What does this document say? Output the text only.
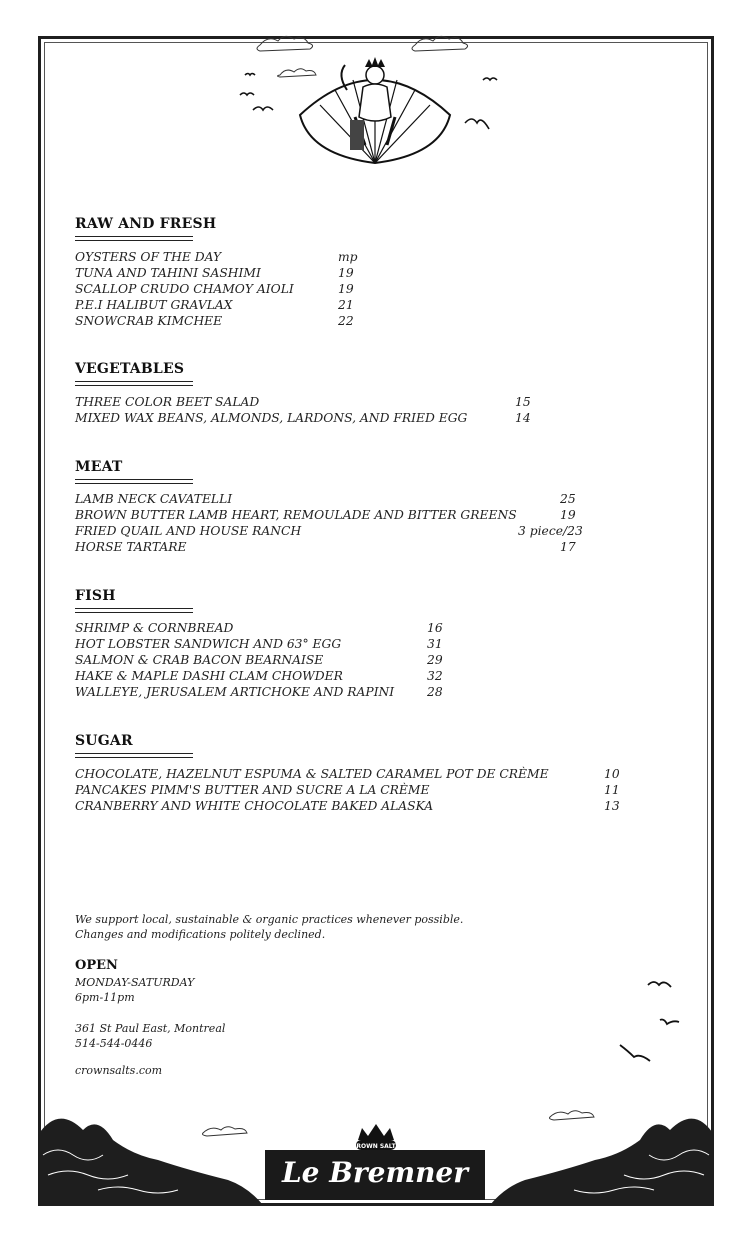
RAW AND FRESH
OYSTERS OF THE DAY	mp
TUNA AND TAHINI SASHIMI	19
SCALLOP CRUDO CHAMOY AIOLI	19
P.E.I HALIBUT GRAVLAX	21
SNOWCRAB KIMCHEE	22
VEGETABLES
THREE COLOR BEET SALAD	15
MIXED WAX BEANS, ALMONDS, LARDONS, AND FRIED EGG	14
MEAT
LAMB NECK CAVATELLI	25
BROWN BUTTER LAMB HEART, REMOULADE AND BITTER GREENS	19
FRIED QUAIL AND HOUSE RANCH	3 piece/23
HORSE TARTARE	17
FISH
SHRIMP & CORNBREAD	16
HOT LOBSTER SANDWICH AND 63° EGG	31
SALMON & CRAB BACON BEARNAISE	29
HAKE & MAPLE DASHI CLAM CHOWDER	32
WALLEYE, JERUSALEM ARTICHOKE AND RAPINI	28
SUGAR
CHOCOLATE, HAZELNUT ESPUMA & SALTED CARAMEL POT DE CRÈME	10
PANCAKES PIMM'S BUTTER AND SUCRE A LA CRÈME	11
CRANBERRY AND WHITE CHOCOLATE BAKED ALASKA	13
We support local, sustainable & organic practices whenever possible.
Changes and modifications politely declined.
OPEN
MONDAY-SATURDAY
6pm-11pm
361 St Paul East, Montreal
514-544-0446
crownsalts.com
CROWN SALTS
Le Bremner
